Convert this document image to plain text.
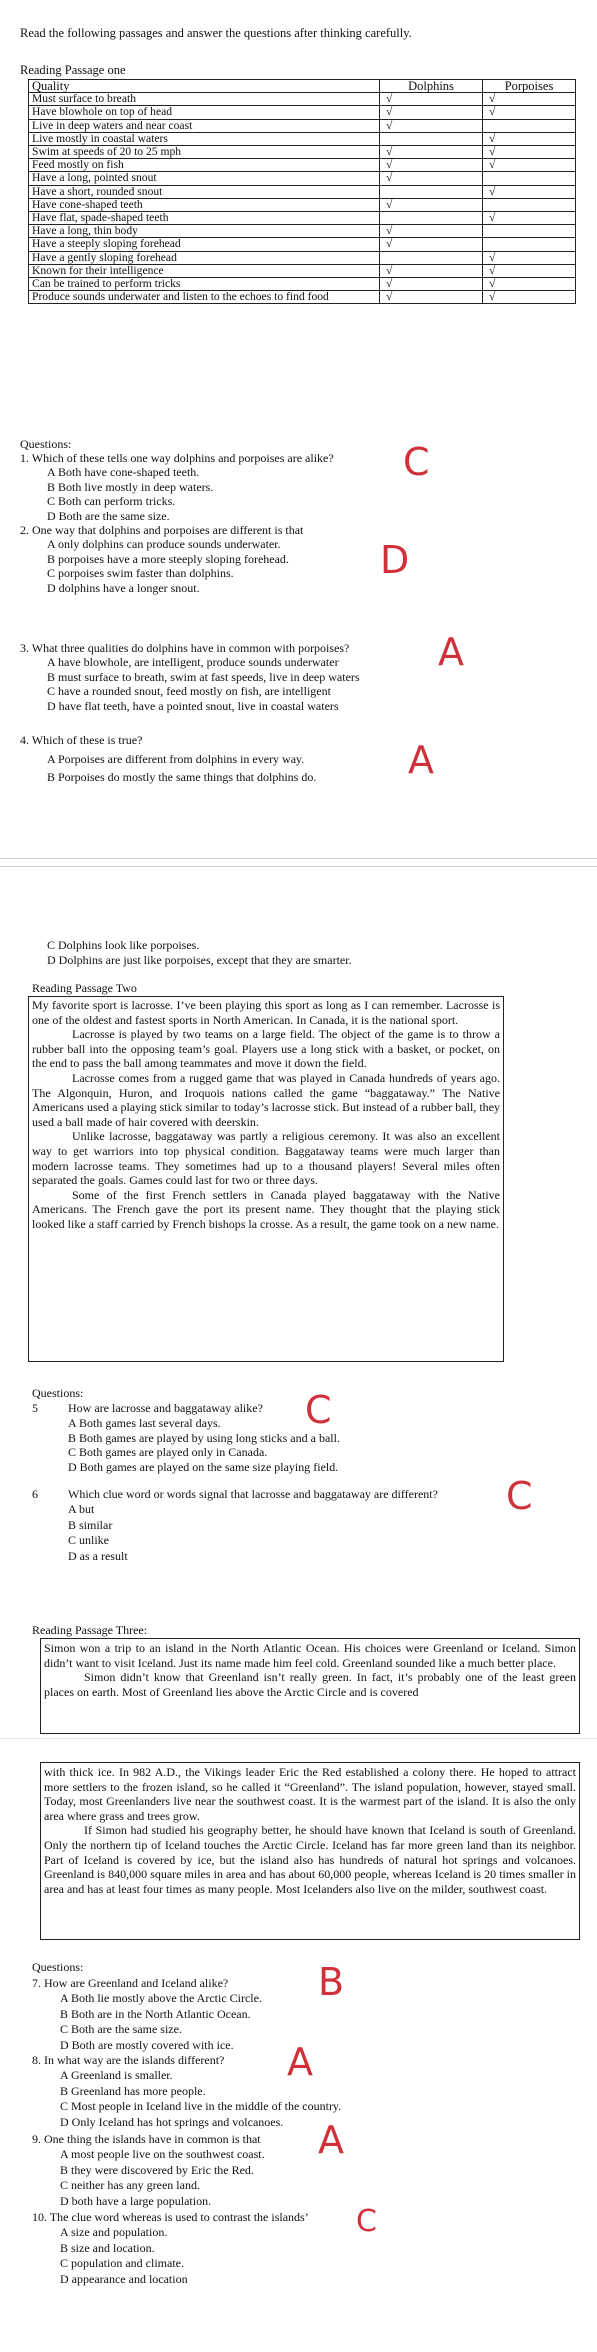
Read the following passages and answer the questions after thinking carefully.
Reading Passage one
Quality	Dolphins	Porpoises
Must surface to breath	√	√
Have blowhole on top of head	√	√
Live in deep waters and near coast	√	
Live mostly in coastal waters		√
Swim at speeds of 20 to 25 mph	√	√
Feed mostly on fish	√	√
Have a long, pointed snout	√	
Have a short, rounded snout		√
Have cone-shaped teeth	√	
Have flat, spade-shaped teeth		√
Have a long, thin body	√	
Have a steeply sloping forehead	√	
Have a gently sloping forehead		√
Known for their intelligence	√	√
Can be trained to perform tricks	√	√
Produce sounds underwater and listen to the echoes to find food	√	√
Questions:
1. Which of these tells one way dolphins and porpoises are alike?
A Both have cone-shaped teeth.
B Both live mostly in deep waters.
C Both can perform tricks.
D Both are the same size.
C
2. One way that dolphins and porpoises are different is that
A only dolphins can produce sounds underwater.
B porpoises have a more steeply sloping forehead.
C porpoises swim faster than dolphins.
D dolphins have a longer snout.
D
3. What three qualities do dolphins have in common with porpoises?
A have blowhole, are intelligent, produce sounds underwater
B must surface to breath, swim at fast speeds, live in deep waters
C have a rounded snout, feed mostly on fish, are intelligent
D have flat teeth, have a pointed snout, live in coastal waters
A
4. Which of these is true?
A Porpoises are different from dolphins in every way.
B Porpoises do mostly the same things that dolphins do. A
C Dolphins look like porpoises.
D Dolphins are just like porpoises, except that they are smarter.
Reading Passage Two

My favorite sport is lacrosse. I’ve been playing this sport as long as I can remember. Lacrosse is one of the oldest and fastest sports in North American. In Canada, it is the national sport.

Lacrosse is played by two teams on a large field. The object of the game is to throw a rubber ball into the opposing team’s goal. Players use a long stick with a basket, or pocket, on the end to pass the ball among teammates and move it down the field.

Lacrosse comes from a rugged game that was played in Canada hundreds of years ago. The Algonquin, Huron, and Iroquois nations called the game “baggataway.” The Native Americans used a playing stick similar to today’s lacrosse stick. But instead of a rubber ball, they used a ball made of hair covered with deerskin.

Unlike lacrosse, baggataway was partly a religious ceremony. It was also an excellent way to get warriors into top physical condition. Baggataway teams were much larger than modern lacrosse teams. They sometimes had up to a thousand players! Several miles often separated the goals. Games could last for two or three days.

Some of the first French settlers in Canada played baggataway with the Native Americans. The French gave the port its present name. They thought that the playing stick looked like a staff carried by French bishops la crosse. As a result, the game took on a new name.

Questions:
5	How are lacrosse and baggataway alike?
A Both games last several days.
B Both games are played by using long sticks and a ball.
C Both games are played only in Canada.
D Both games are played on the same size playing field.
C
6	Which clue word or words signal that lacrosse and baggataway are different?
A but
B similar
C unlike
D as a result
C
Reading Passage Three:

Simon won a trip to an island in the North Atlantic Ocean. His choices were Greenland or Iceland. Simon didn’t want to visit Iceland. Just its name made him feel cold. Greenland sounded like a much better place.

Simon didn’t know that Greenland isn’t really green. In fact, it’s probably one of the least green places on earth. Most of Greenland lies above the Arctic Circle and is covered

with thick ice. In 982 A.D., the Vikings leader Eric the Red established a colony there. He hoped to attract more settlers to the frozen island, so he called it “Greenland”. The island population, however, stayed small. Today, most Greenlanders live near the southwest coast. It is the warmest part of the island. It is also the only area where grass and trees grow.

If Simon had studied his geography better, he should have known that Iceland is south of Greenland. Only the northern tip of Iceland touches the Arctic Circle. Iceland has far more green land than its neighbor. Part of Iceland is covered by ice, but the island also has hundreds of natural hot springs and volcanoes. Greenland is 840,000 square miles in area and has about 60,000 people, whereas Iceland is 20 times smaller in area and has at least four times as many people. Most Icelanders also live on the milder, southwest coast.

Questions:
7. How are Greenland and Iceland alike?
A Both lie mostly above the Arctic Circle.
B Both are in the North Atlantic Ocean.
C Both are the same size.
D Both are mostly covered with ice.
B
8. In what way are the islands different?
A Greenland is smaller.
B Greenland has more people.
C Most people in Iceland live in the middle of the country.
D Only Iceland has hot springs and volcanoes.
A
9. One thing the islands have in common is that
A most people live on the southwest coast.
B they were discovered by Eric the Red.
C neither has any green land.
D both have a large population.
A
10. The clue word whereas is used to contrast the islands’
A size and population.
B size and location.
C population and climate.
D appearance and location
C
